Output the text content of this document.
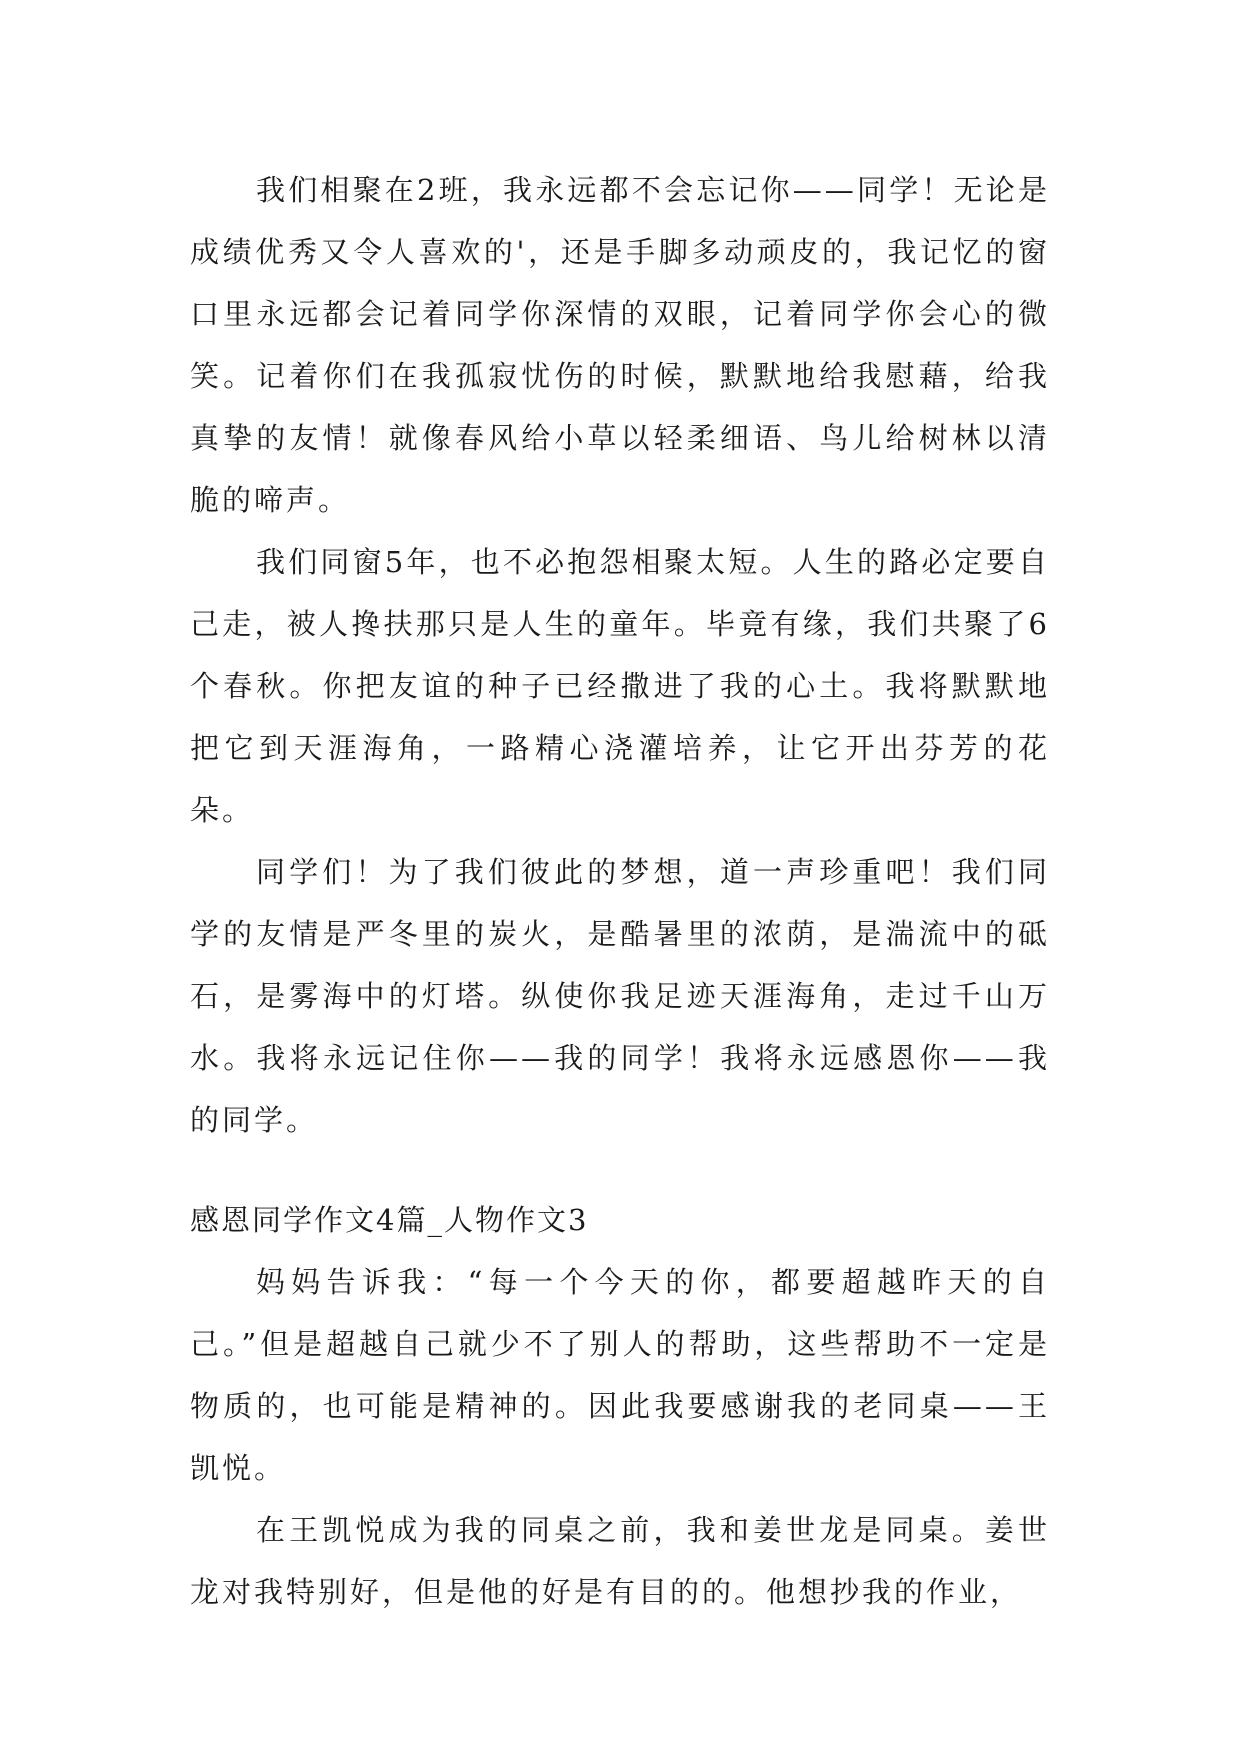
我们相聚在2班，我永远都不会忘记你——同学！无论是成绩优秀又令人喜欢的'，还是手脚多动顽皮的，我记忆的窗口里永远都会记着同学你深情的双眼，记着同学你会心的微笑。记着你们在我孤寂忧伤的时候，默默地给我慰藉，给我真挚的友情！就像春风给小草以轻柔细语、鸟儿给树林以清脆的啼声。

我们同窗5年，也不必抱怨相聚太短。人生的路必定要自己走，被人搀扶那只是人生的童年。毕竟有缘，我们共聚了6个春秋。你把友谊的种子已经撒进了我的心土。我将默默地把它到天涯海角，一路精心浇灌培养，让它开出芬芳的花朵。

同学们！为了我们彼此的梦想，道一声珍重吧！我们同学的友情是严冬里的炭火，是酷暑里的浓荫，是湍流中的砥石，是雾海中的灯塔。纵使你我足迹天涯海角，走过千山万水。我将永远记住你——我的同学！我将永远感恩你——我的同学。

感恩同学作文4篇_人物作文3

妈妈告诉我：“每一个今天的你，都要超越昨天的自己。”但是超越自己就少不了别人的帮助，这些帮助不一定是物质的，也可能是精神的。因此我要感谢我的老同桌——王凯悦。

在王凯悦成为我的同桌之前，我和姜世龙是同桌。姜世龙对我特别好，但是他的好是有目的的。他想抄我的作业，
